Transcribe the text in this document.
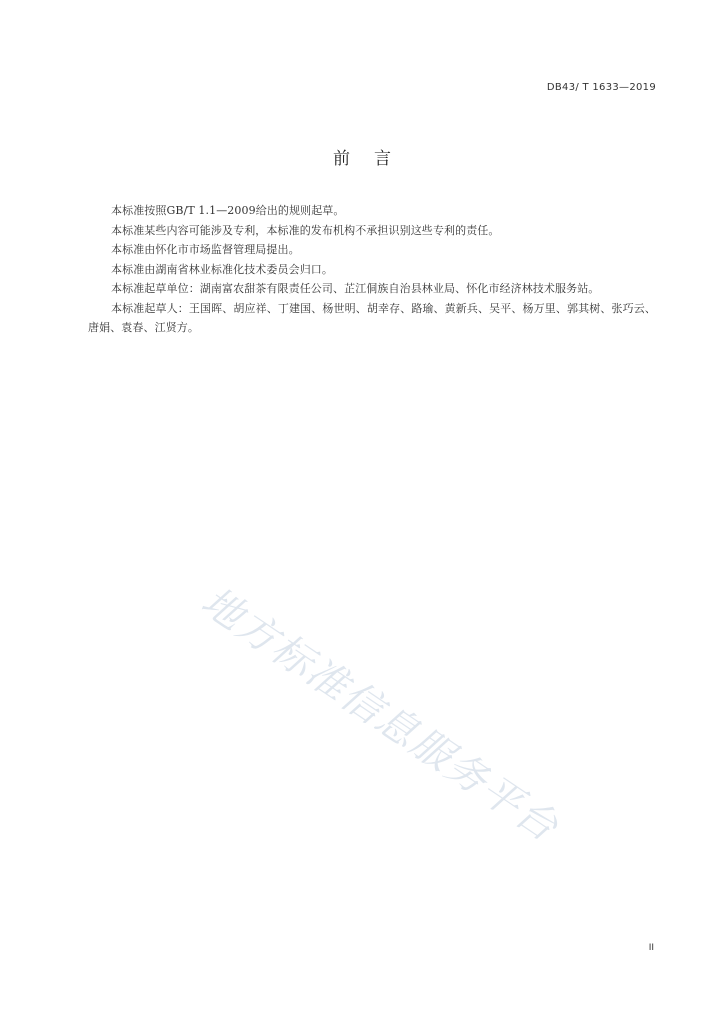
DB43/ T 1633—2019
前言

本标准按照GB/T 1.1—2009给出的规则起草。

本标准某些内容可能涉及专利，本标准的发布机构不承担识别这些专利的责任。

本标准由怀化市市场监督管理局提出。

本标准由湖南省林业标准化技术委员会归口。

本标准起草单位：湖南富农甜茶有限责任公司、芷江侗族自治县林业局、怀化市经济林技术服务站。

本标准起草人：王国晖、胡应祥、丁建国、杨世明、胡幸存、路瑜、黄新兵、吴平、杨万里、郭其树、张巧云、唐娟、袁春、江贤方。

地方标准信息服务平台
II
